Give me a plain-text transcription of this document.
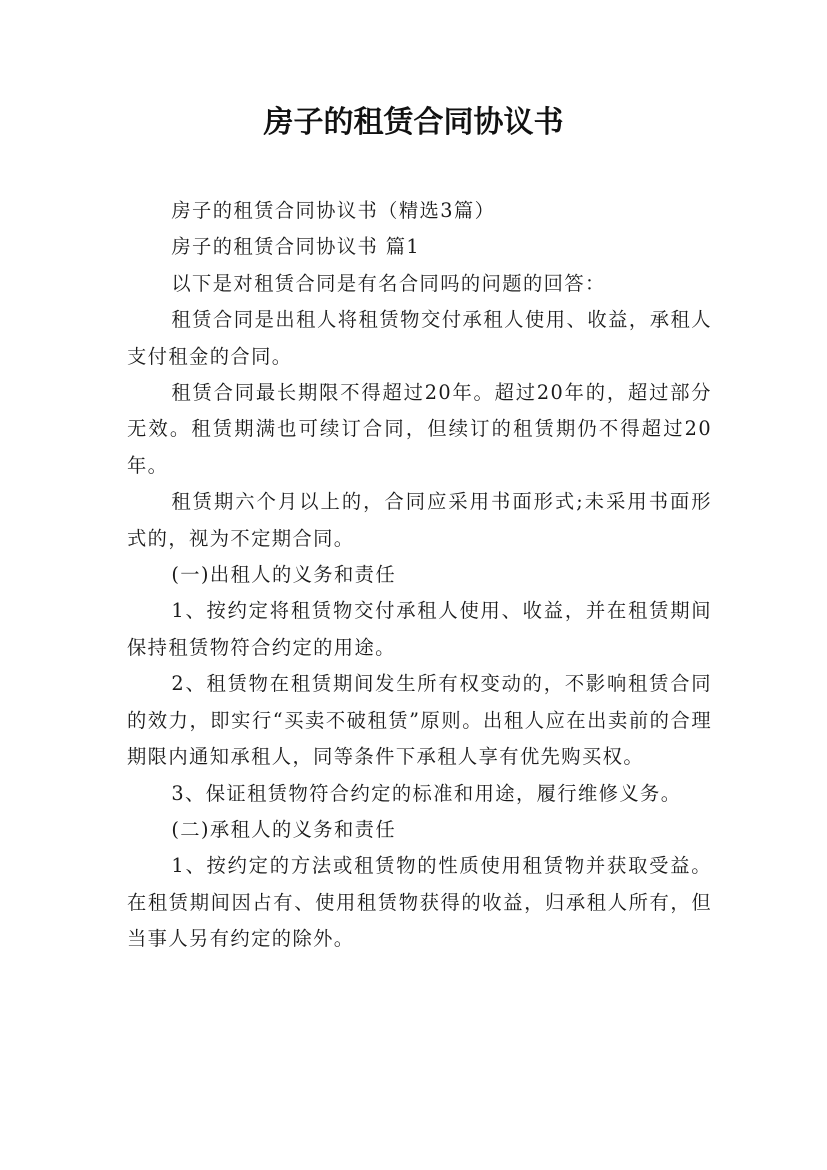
房子的租赁合同协议书

房子的租赁合同协议书（精选3篇）

房子的租赁合同协议书 篇1

以下是对租赁合同是有名合同吗的问题的回答：

租赁合同是出租人将租赁物交付承租人使用、收益，承租人支付租金的合同。

租赁合同最长期限不得超过20年。超过20年的，超过部分无效。租赁期满也可续订合同，但续订的租赁期仍不得超过20年。

租赁期六个月以上的，合同应采用书面形式;未采用书面形式的，视为不定期合同。

(一)出租人的义务和责任

1、按约定将租赁物交付承租人使用、收益，并在租赁期间保持租赁物符合约定的用途。

2、租赁物在租赁期间发生所有权变动的，不影响租赁合同的效力，即实行“买卖不破租赁”原则。出租人应在出卖前的合理期限内通知承租人，同等条件下承租人享有优先购买权。

3、保证租赁物符合约定的标准和用途，履行维修义务。

(二)承租人的义务和责任

1、按约定的方法或租赁物的性质使用租赁物并获取受益。在租赁期间因占有、使用租赁物获得的收益，归承租人所有，但当事人另有约定的除外。
